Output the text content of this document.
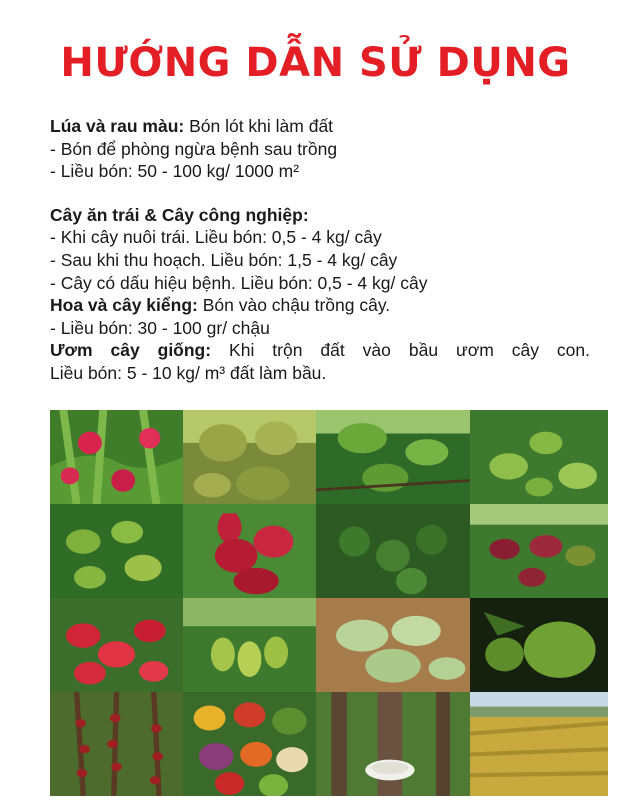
HƯỚNG DẪN SỬ DỤNG
Lúa và rau màu: Bón lót khi làm đất
- Bón để phòng ngừa bệnh sau trồng
- Liều bón: 50 - 100 kg/ 1000 m²
Cây ăn trái & Cây công nghiệp:
- Khi cây nuôi trái. Liều bón: 0,5 - 4 kg/ cây
- Sau khi thu hoạch. Liều bón: 1,5 - 4 kg/ cây
- Cây có dấu hiệu bệnh. Liều bón: 0,5 - 4 kg/ cây
Hoa và cây kiểng: Bón vào chậu trồng cây.
- Liều bón: 30 - 100 gr/ chậu
Ươm cây giống: Khi trộn đất vào bầu ươm cây con.
Liều bón: 5 - 10 kg/ m³ đất làm bầu.
